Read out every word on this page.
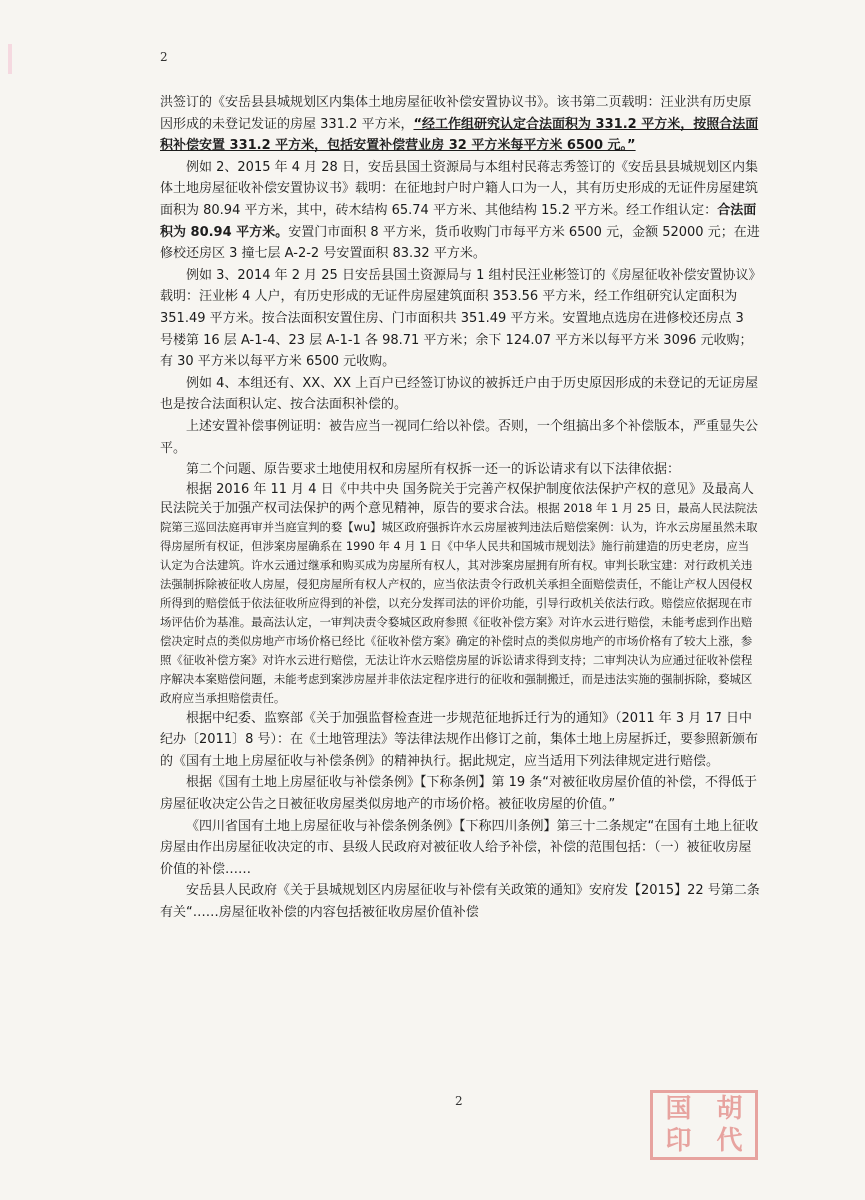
2

洪签订的《安岳县县城规划区内集体土地房屋征收补偿安置协议书》。该书第二页载明：汪业洪有历史原因形成的未登记发证的房屋 331.2 平方米，“经工作组研究认定合法面积为 331.2 平方米，按照合法面积补偿安置 331.2 平方米，包括安置补偿营业房 32 平方米每平方米 6500 元。”

例如 2、2015 年 4 月 28 日，安岳县国土资源局与本组村民蒋志秀签订的《安岳县县城规划区内集体土地房屋征收补偿安置协议书》载明：在征地封户时户籍人口为一人，其有历史形成的无证件房屋建筑面积为 80.94 平方米，其中，砖木结构 65.74 平方米、其他结构 15.2 平方米。经工作组认定：合法面积为 80.94 平方米。安置门市面积 8 平方米，货币收购门市每平方米 6500 元，金额 52000 元；在进修校还房区 3 撞七层 A-2-2 号安置面积 83.32 平方米。

例如 3、2014 年 2 月 25 日安岳县国土资源局与 1 组村民汪业彬签订的《房屋征收补偿安置协议》载明：汪业彬 4 人户，有历史形成的无证件房屋建筑面积 353.56 平方米，经工作组研究认定面积为 351.49 平方米。按合法面积安置住房、门市面积共 351.49 平方米。安置地点选房在进修校还房点 3 号楼第 16 层 A-1-4、23 层 A-1-1 各 98.71 平方米；余下 124.07 平方米以每平方米 3096 元收购；有 30 平方米以每平方米 6500 元收购。

例如 4、本组还有、XX、XX 上百户已经签订协议的被拆迁户由于历史原因形成的未登记的无证房屋也是按合法面积认定、按合法面积补偿的。

上述安置补偿事例证明：被告应当一视同仁给以补偿。否则，一个组搞出多个补偿版本，严重显失公平。

第二个问题、原告要求土地使用权和房屋所有权拆一还一的诉讼请求有以下法律依据：

根据 2016 年 11 月 4 日《中共中央 国务院关于完善产权保护制度依法保护产权的意见》及最高人民法院关于加强产权司法保护的两个意见精神，原告的要求合法。根据 2018 年 1 月 25 日，最高人民法院法院第三巡回法庭再审并当庭宣判的婺【wu】城区政府强拆许水云房屋被判违法后赔偿案例：认为，许水云房屋虽然未取得房屋所有权证，但涉案房屋确系在 1990 年 4 月 1 日《中华人民共和国城市规划法》施行前建造的历史老房，应当认定为合法建筑。许水云通过继承和购买成为房屋所有权人，其对涉案房屋拥有所有权。审判长耿宝建：对行政机关违法强制拆除被征收人房屋，侵犯房屋所有权人产权的，应当依法责令行政机关承担全面赔偿责任，不能让产权人因侵权所得到的赔偿低于依法征收所应得到的补偿，以充分发挥司法的评价功能，引导行政机关依法行政。赔偿应依据现在市场评估价为基准。最高法认定，一审判决责令婺城区政府参照《征收补偿方案》对许水云进行赔偿，未能考虑到作出赔偿决定时点的类似房地产市场价格已经比《征收补偿方案》确定的补偿时点的类似房地产的市场价格有了较大上涨，参照《征收补偿方案》对许水云进行赔偿，无法让许水云赔偿房屋的诉讼请求得到支持；二审判决认为应通过征收补偿程序解决本案赔偿问题，未能考虑到案涉房屋并非依法定程序进行的征收和强制搬迁，而是违法实施的强制拆除，婺城区政府应当承担赔偿责任。

根据中纪委、监察部《关于加强监督检查进一步规范征地拆迁行为的通知》（2011 年 3 月 17 日中纪办〔2011〕8 号）：在《土地管理法》等法律法规作出修订之前，集体土地上房屋拆迁，要参照新颁布的《国有土地上房屋征收与补偿条例》的精神执行。据此规定，应当适用下列法律规定进行赔偿。

根据《国有土地上房屋征收与补偿条例》【下称条例】第 19 条“对被征收房屋价值的补偿，不得低于房屋征收决定公告之日被征收房屋类似房地产的市场价格。被征收房屋的价值。”

《四川省国有土地上房屋征收与补偿条例条例》【下称四川条例】第三十二条规定“在国有土地上征收房屋由作出房屋征收决定的市、县级人民政府对被征收人给予补偿，补偿的范围包括：（一）被征收房屋价值的补偿……

安岳县人民政府《关于县城规划区内房屋征收与补偿有关政策的通知》安府发【2015】22 号第二条有关“……房屋征收补偿的内容包括被征收房屋价值补偿

2	国 胡
印 代
